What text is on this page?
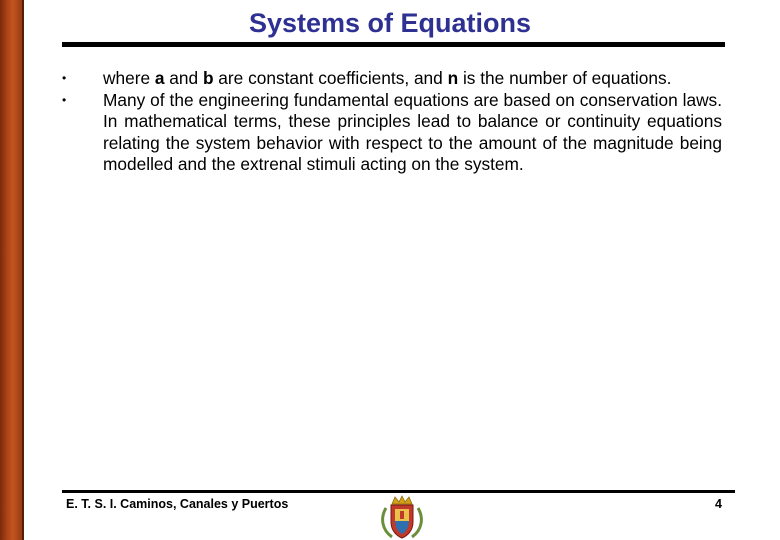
Systems of Equations
• where a and b are constant coefficients, and n is the number of equations.
• Many of the engineering fundamental equations are based on conservation laws. In mathematical terms, these principles lead to balance or continuity equations relating the system behavior with respect to the amount of the magnitude being modelled and the extrenal stimuli acting on the system.
E. T. S. I. Caminos, Canales y Puertos	4
